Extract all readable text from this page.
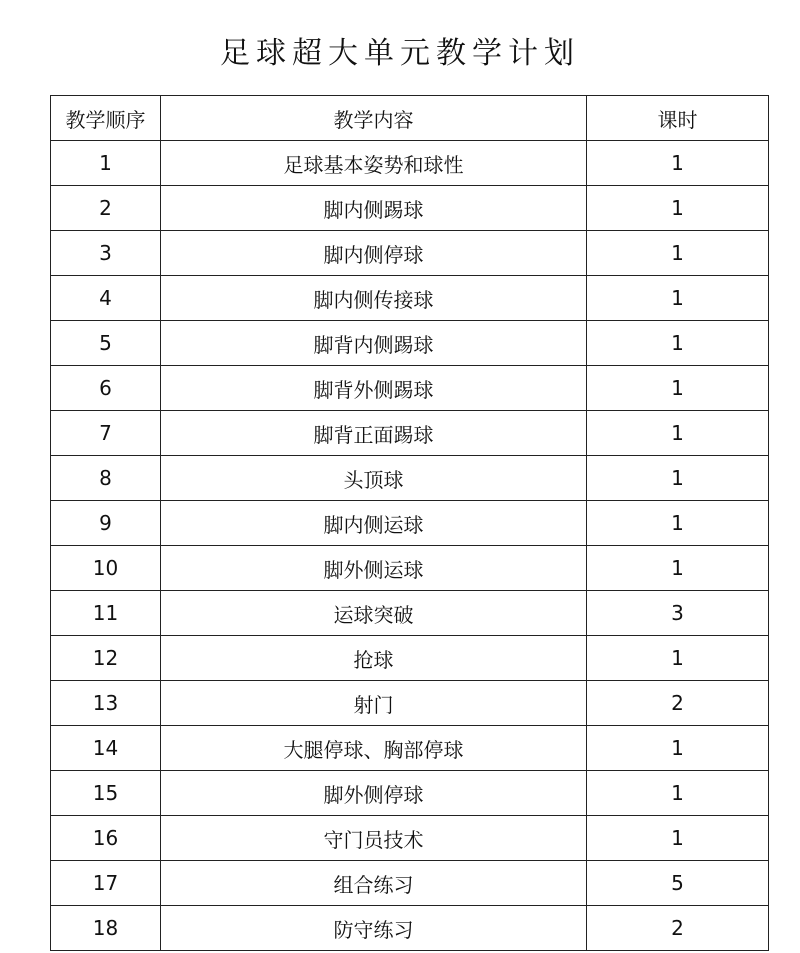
足球超大单元教学计划
教学顺序	教学内容	课时
1	足球基本姿势和球性	1
2	脚内侧踢球	1
3	脚内侧停球	1
4	脚内侧传接球	1
5	脚背内侧踢球	1
6	脚背外侧踢球	1
7	脚背正面踢球	1
8	头顶球	1
9	脚内侧运球	1
10	脚外侧运球	1
11	运球突破	3
12	抢球	1
13	射门	2
14	大腿停球、胸部停球	1
15	脚外侧停球	1
16	守门员技术	1
17	组合练习	5
18	防守练习	2
